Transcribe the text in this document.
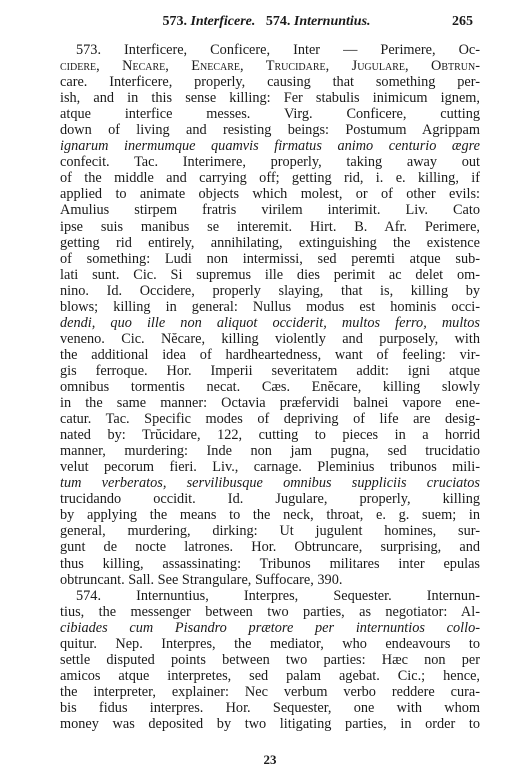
573. Interficere. 574. Internuntius.	265
573. Interficere, Conficere, Inter — Perimere, Oc-
cidere, Necare, Enecare, Trucidare, Jugulare, Obtrun-
care. Interficere, properly, causing that something per-
ish, and in this sense killing: Fer stabulis inimicum ignem,
atque interfice messes. Virg. Conficere, cutting
down of living and resisting beings: Postumum Agrippam
ignarum inermumque quamvis firmatus animo centurio ægre
confecit. Tac. Interimere, properly, taking away out
of the middle and carrying off; getting rid, i. e. killing, if
applied to animate objects which molest, or of other evils:
Amulius stirpem fratris virilem interimit. Liv. Cato
ipse suis manibus se interemit. Hirt. B. Afr. Perimere,
getting rid entirely, annihilating, extinguishing the existence
of something: Ludi non intermissi, sed peremti atque sub-
lati sunt. Cic. Si supremus ille dies perimit ac delet om-
nino. Id. Occidere, properly slaying, that is, killing by
blows; killing in general: Nullus modus est hominis occi-
dendi, quo ille non aliquot occiderit, multos ferro, multos
veneno. Cic. Nĕcare, killing violently and purposely, with
the additional idea of hardheartedness, want of feeling: vir-
gis ferroque. Hor. Imperii severitatem addit: igni atque
omnibus tormentis necat. Cæs. Enĕcare, killing slowly
in the same manner: Octavia præfervidi balnei vapore ene-
catur. Tac. Specific modes of depriving of life are desig-
nated by: Trŭcidare, 122, cutting to pieces in a horrid
manner, murdering: Inde non jam pugna, sed trucidatio
velut pecorum fieri. Liv., carnage. Pleminius tribunos mili-
tum verberatos, servilibusque omnibus suppliciis cruciatos
trucidando occidit. Id. Jugulare, properly, killing
by applying the means to the neck, throat, e. g. suem; in
general, murdering, dirking: Ut jugulent homines, sur-
gunt de nocte latrones. Hor. Obtruncare, surprising, and
thus killing, assassinating: Tribunos militares inter epulas
obtruncant. Sall. See Strangulare, Suffocare, 390.
574. Internuntius, Interpres, Sequester. Internun-
tius, the messenger between two parties, as negotiator: Al-
cibiades cum Pisandro prætore per internuntios collo-
quitur. Nep. Interpres, the mediator, who endeavours to
settle disputed points between two parties: Hæc non per
amicos atque interpretes, sed palam agebat. Cic.; hence,
the interpreter, explainer: Nec verbum verbo reddere cura-
bis fidus interpres. Hor. Sequester, one with whom
money was deposited by two litigating parties, in order to
23
